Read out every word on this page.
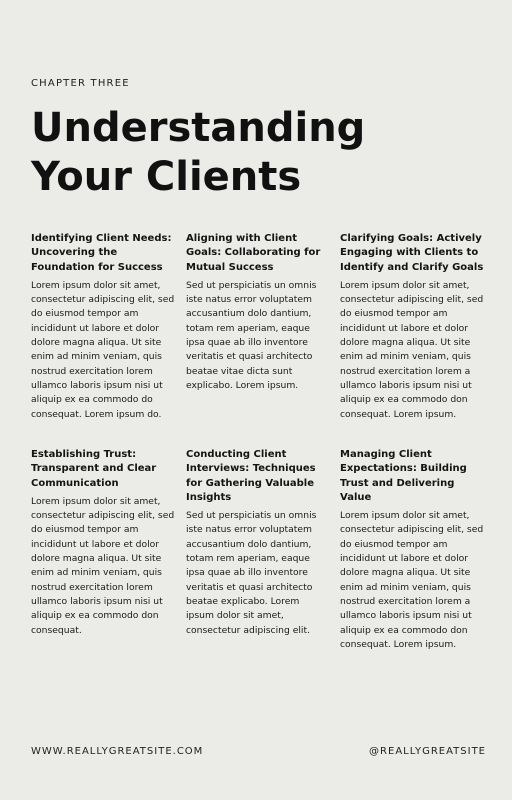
CHAPTER THREE
Understanding
Your Clients
Identifying Client Needs: Uncovering the Foundation for Success

Lorem ipsum dolor sit amet, consectetur adipiscing elit, sed do eiusmod tempor am incididunt ut labore et dolor dolore magna aliqua. Ut site enim ad minim veniam, quis nostrud exercitation lorem ullamco laboris ipsum nisi ut aliquip ex ea commodo do consequat. Lorem ipsum do.

Aligning with Client Goals: Collaborating for Mutual Success

Sed ut perspiciatis un omnis iste natus error voluptatem accusantium dolo dantium, totam rem aperiam, eaque ipsa quae ab illo inventore veritatis et quasi architecto beatae vitae dicta sunt explicabo. Lorem ipsum.

Clarifying Goals: Actively Engaging with Clients to Identify and Clarify Goals

Lorem ipsum dolor sit amet, consectetur adipiscing elit, sed do eiusmod tempor am incididunt ut labore et dolor dolore magna aliqua. Ut site enim ad minim veniam, quis nostrud exercitation lorem a ullamco laboris ipsum nisi ut aliquip ex ea commodo don consequat. Lorem ipsum.

Establishing Trust: Transparent and Clear Communication

Lorem ipsum dolor sit amet, consectetur adipiscing elit, sed do eiusmod tempor am incididunt ut labore et dolor dolore magna aliqua. Ut site enim ad minim veniam, quis nostrud exercitation lorem ullamco laboris ipsum nisi ut aliquip ex ea commodo don consequat.

Conducting Client Interviews: Techniques for Gathering Valuable Insights

Sed ut perspiciatis un omnis iste natus error voluptatem accusantium dolo dantium, totam rem aperiam, eaque ipsa quae ab illo inventore veritatis et quasi architecto beatae explicabo. Lorem ipsum dolor sit amet, consectetur adipiscing elit.

Managing Client Expectations: Building Trust and Delivering Value

Lorem ipsum dolor sit amet, consectetur adipiscing elit, sed do eiusmod tempor am incididunt ut labore et dolor dolore magna aliqua. Ut site enim ad minim veniam, quis nostrud exercitation lorem a ullamco laboris ipsum nisi ut aliquip ex ea commodo don consequat. Lorem ipsum.

WWW.REALLYGREATSITE.COM	@REALLYGREATSITE
